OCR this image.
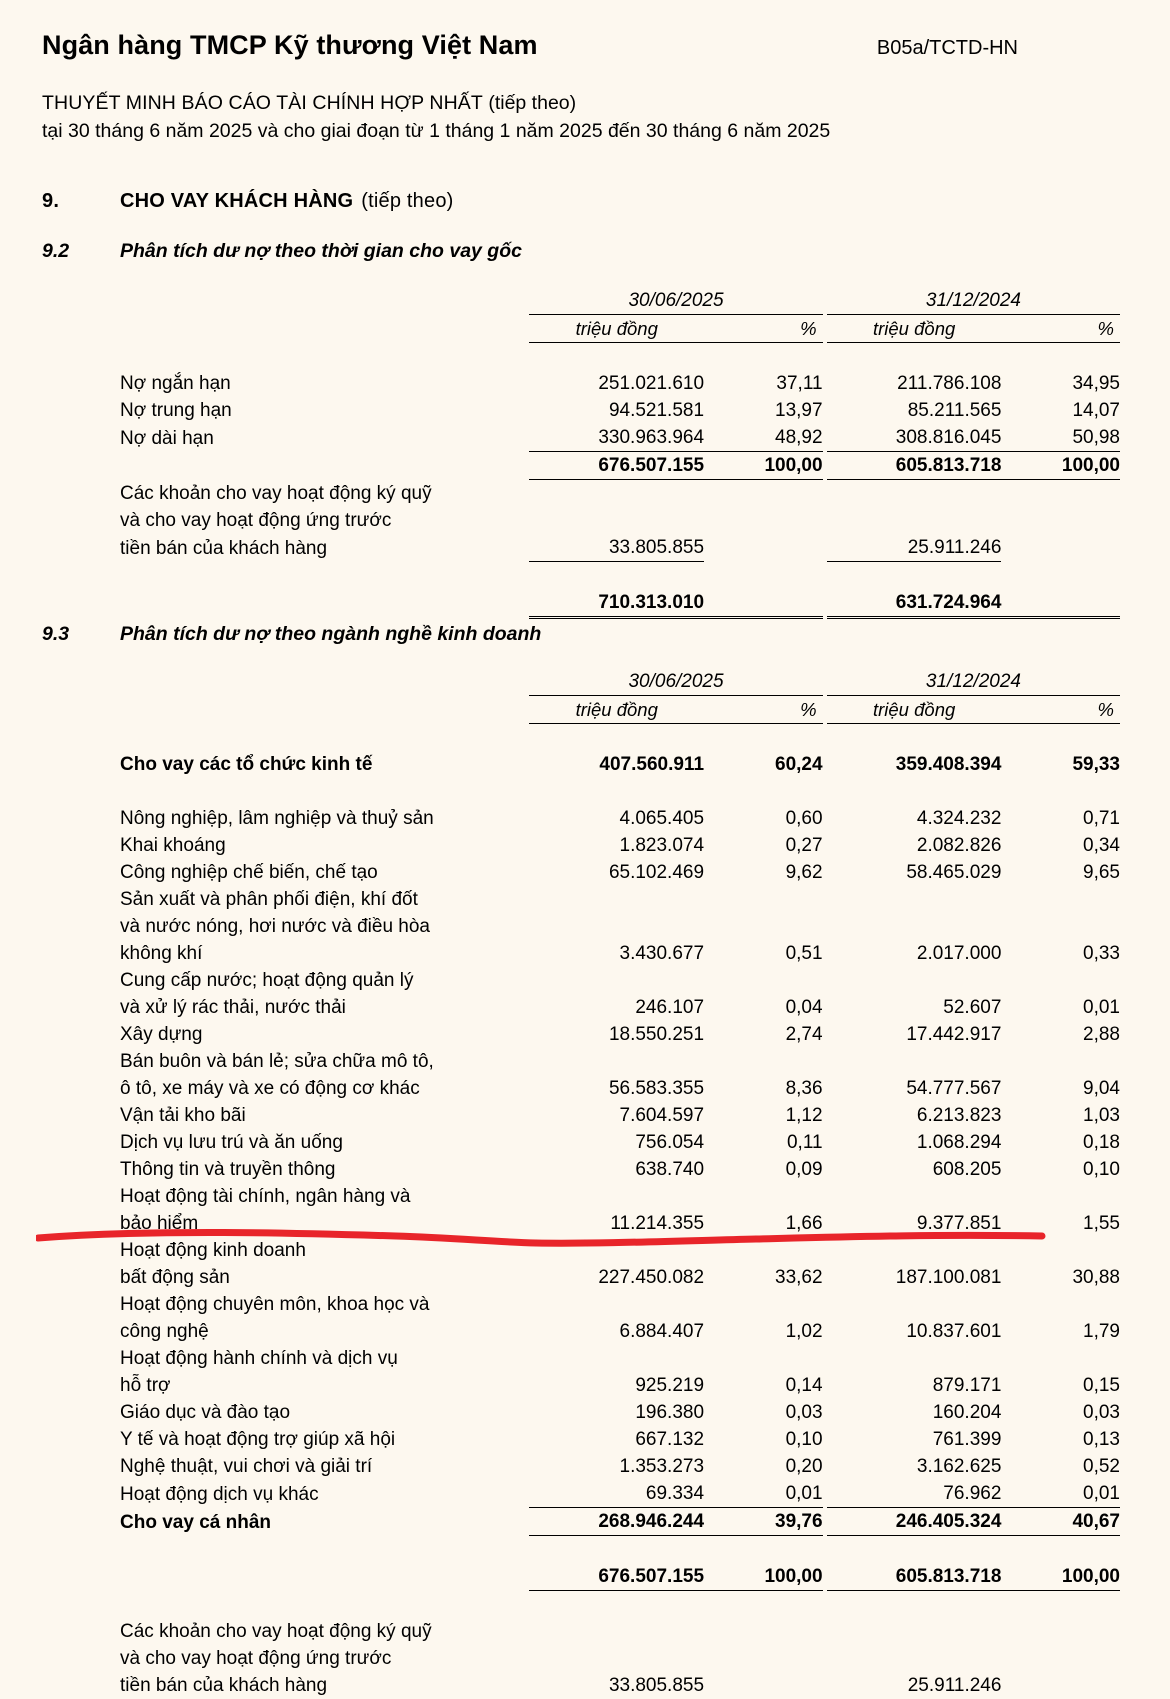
Ngân hàng TMCP Kỹ thương Việt Nam	B05a/TCTD-HN
THUYẾT MINH BÁO CÁO TÀI CHÍNH HỢP NHẤT (tiếp theo)
tại 30 tháng 6 năm 2025 và cho giai đoạn từ 1 tháng 1 năm 2025 đến 30 tháng 6 năm 2025
9.	CHO VAY KHÁCH HÀNG (tiếp theo)
9.2	Phân tích dư nợ theo thời gian cho vay gốc
	30/06/2025			31/12/2024	
	triệu đồng	%		triệu đồng	%

Nợ ngắn hạn	251.021.610	37,11		211.786.108	34,95
Nợ trung hạn	94.521.581	13,97		85.211.565	14,07
Nợ dài hạn	330.963.964	48,92		308.816.045	50,98
	676.507.155	100,00		605.813.718	100,00
Các khoản cho vay hoạt động ký quỹ					
và cho vay hoạt động ứng trước					
tiền bán của khách hàng	33.805.855			25.911.246	

	710.313.010			631.724.964	
9.3	Phân tích dư nợ theo ngành nghề kinh doanh
	30/06/2025			31/12/2024	
	triệu đồng	%		triệu đồng	%

Cho vay các tổ chức kinh tế	407.560.911	60,24		359.408.394	59,33

Nông nghiệp, lâm nghiệp và thuỷ sản	4.065.405	0,60		4.324.232	0,71
Khai khoáng	1.823.074	0,27		2.082.826	0,34
Công nghiệp chế biến, chế tạo	65.102.469	9,62		58.465.029	9,65
Sản xuất và phân phối điện, khí đốt					
và nước nóng, hơi nước và điều hòa					
không khí	3.430.677	0,51		2.017.000	0,33
Cung cấp nước; hoạt động quản lý					
và xử lý rác thải, nước thải	246.107	0,04		52.607	0,01
Xây dựng	18.550.251	2,74		17.442.917	2,88
Bán buôn và bán lẻ; sửa chữa mô tô,					
ô tô, xe máy và xe có động cơ khác	56.583.355	8,36		54.777.567	9,04
Vận tải kho bãi	7.604.597	1,12		6.213.823	1,03
Dịch vụ lưu trú và ăn uống	756.054	0,11		1.068.294	0,18
Thông tin và truyền thông	638.740	0,09		608.205	0,10
Hoạt động tài chính, ngân hàng và					
bảo hiểm	11.214.355	1,66		9.377.851	1,55
Hoạt động kinh doanh					
bất động sản	227.450.082	33,62		187.100.081	30,88
Hoạt động chuyên môn, khoa học và					
công nghệ	6.884.407	1,02		10.837.601	1,79
Hoạt động hành chính và dịch vụ					
hỗ trợ	925.219	0,14		879.171	0,15
Giáo dục và đào tạo	196.380	0,03		160.204	0,03
Y tế và hoạt động trợ giúp xã hội	667.132	0,10		761.399	0,13
Nghệ thuật, vui chơi và giải trí	1.353.273	0,20		3.162.625	0,52
Hoạt động dịch vụ khác	69.334	0,01		76.962	0,01
Cho vay cá nhân	268.946.244	39,76		246.405.324	40,67

	676.507.155	100,00		605.813.718	100,00

Các khoản cho vay hoạt động ký quỹ					
và cho vay hoạt động ứng trước					
tiền bán của khách hàng	33.805.855			25.911.246	
